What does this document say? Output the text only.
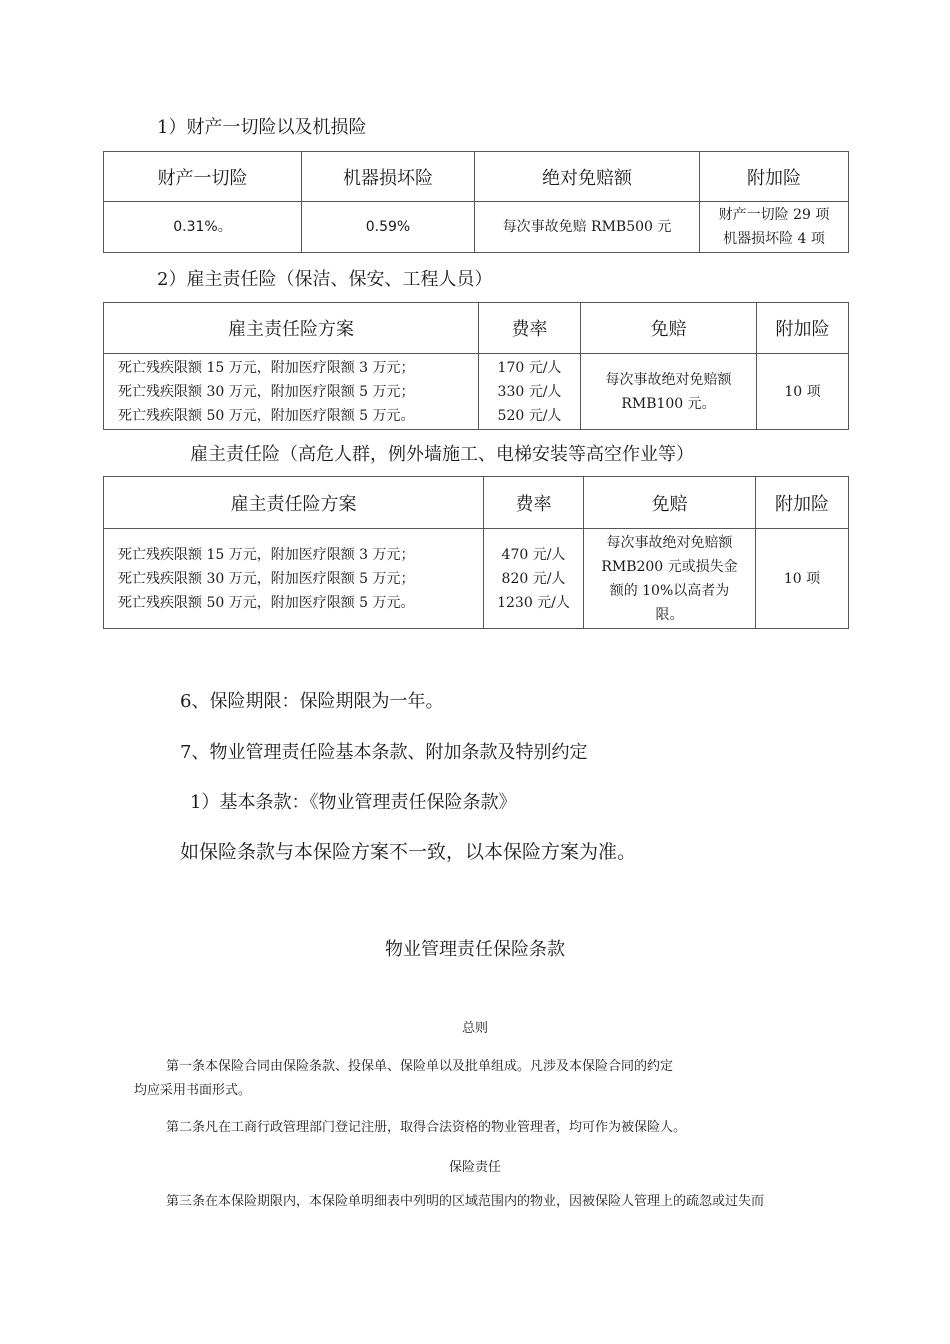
1）财产一切险以及机损险
财产一切险	机器损坏险	绝对免赔额	附加险
0.31%。	0.59%	每次事故免赔 RMB500 元	财产一切险 29 项
机器损坏险 4 项
2）雇主责任险（保洁、保安、工程人员）
雇主责任险方案	费率	免赔	附加险

死亡残疾限额 15 万元，附加医疗限额 3 万元；
死亡残疾限额 30 万元，附加医疗限额 5 万元；
死亡残疾限额 50 万元，附加医疗限额 5 万元。	170 元/人
330 元/人
520 元/人	每次事故绝对免赔额
RMB100 元。	10 项
雇主责任险（高危人群，例外墙施工、电梯安装等高空作业等）
雇主责任险方案	费率	免赔	附加险

死亡残疾限额 15 万元，附加医疗限额 3 万元；
死亡残疾限额 30 万元，附加医疗限额 5 万元；
死亡残疾限额 50 万元，附加医疗限额 5 万元。	470 元/人
820 元/人
1230 元/人	每次事故绝对免赔额
RMB200 元或损失金
额的 10%以高者为
限。	10 项
6、保险期限：保险期限为一年。
7、物业管理责任险基本条款、附加条款及特别约定
1）基本条款：《物业管理责任保险条款》
如保险条款与本保险方案不一致，以本保险方案为准。
物业管理责任保险条款
总则
第一条本保险合同由保险条款、投保单、保险单以及批单组成。凡涉及本保险合同的约定
均应采用书面形式。
第二条凡在工商行政管理部门登记注册，取得合法资格的物业管理者，均可作为被保险人。
保险责任
第三条在本保险期限内，本保险单明细表中列明的区域范围内的物业，因被保险人管理上的疏忽或过失而
